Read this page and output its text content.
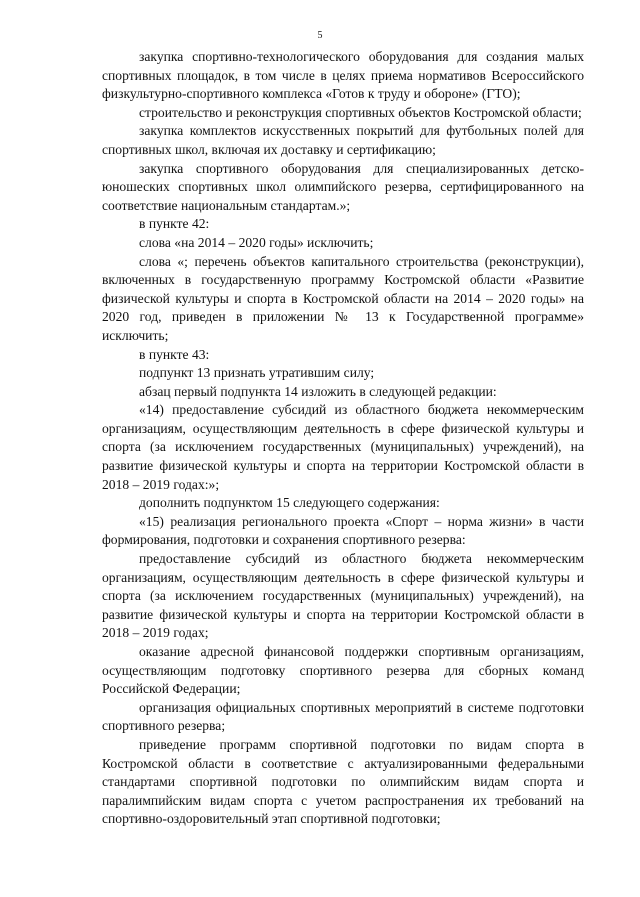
5

закупка спортивно-технологического оборудования для создания малых спортивных площадок, в том числе в целях приема нормативов Всероссийского физкультурно-спортивного комплекса «Готов к труду и обороне» (ГТО);

строительство и реконструкция спортивных объектов Костромской области;

закупка комплектов искусственных покрытий для футбольных полей для спортивных школ, включая их доставку и сертификацию;

закупка спортивного оборудования для специализированных детско-юношеских спортивных школ олимпийского резерва, сертифицированного на соответствие национальным стандартам.»;

в пункте 42:

слова «на 2014 – 2020 годы» исключить;

слова «; перечень объектов капитального строительства (реконструкции), включенных в государственную программу Костромской области «Развитие физической культуры и спорта в Костромской области на 2014 – 2020 годы» на 2020 год, приведен в приложении № 13 к Государственной программе» исключить;

в пункте 43:

подпункт 13 признать утратившим силу;

абзац первый подпункта 14 изложить в следующей редакции:

«14) предоставление субсидий из областного бюджета некоммерческим организациям, осуществляющим деятельность в сфере физической культуры и спорта (за исключением государственных (муниципальных) учреждений), на развитие физической культуры и спорта на территории Костромской области в 2018 – 2019 годах:»;

дополнить подпунктом 15 следующего содержания:

«15) реализация регионального проекта «Спорт – норма жизни» в части формирования, подготовки и сохранения спортивного резерва:

предоставление субсидий из областного бюджета некоммерческим организациям, осуществляющим деятельность в сфере физической культуры и спорта (за исключением государственных (муниципальных) учреждений), на развитие физической культуры и спорта на территории Костромской области в 2018 – 2019 годах;

оказание адресной финансовой поддержки спортивным организациям, осуществляющим подготовку спортивного резерва для сборных команд Российской Федерации;

организация официальных спортивных мероприятий в системе подготовки спортивного резерва;

приведение программ спортивной подготовки по видам спорта в Костромской области в соответствие с актуализированными федеральными стандартами спортивной подготовки по олимпийским видам спорта и паралимпийским видам спорта с учетом распространения их требований на спортивно-оздоровительный этап спортивной подготовки;
